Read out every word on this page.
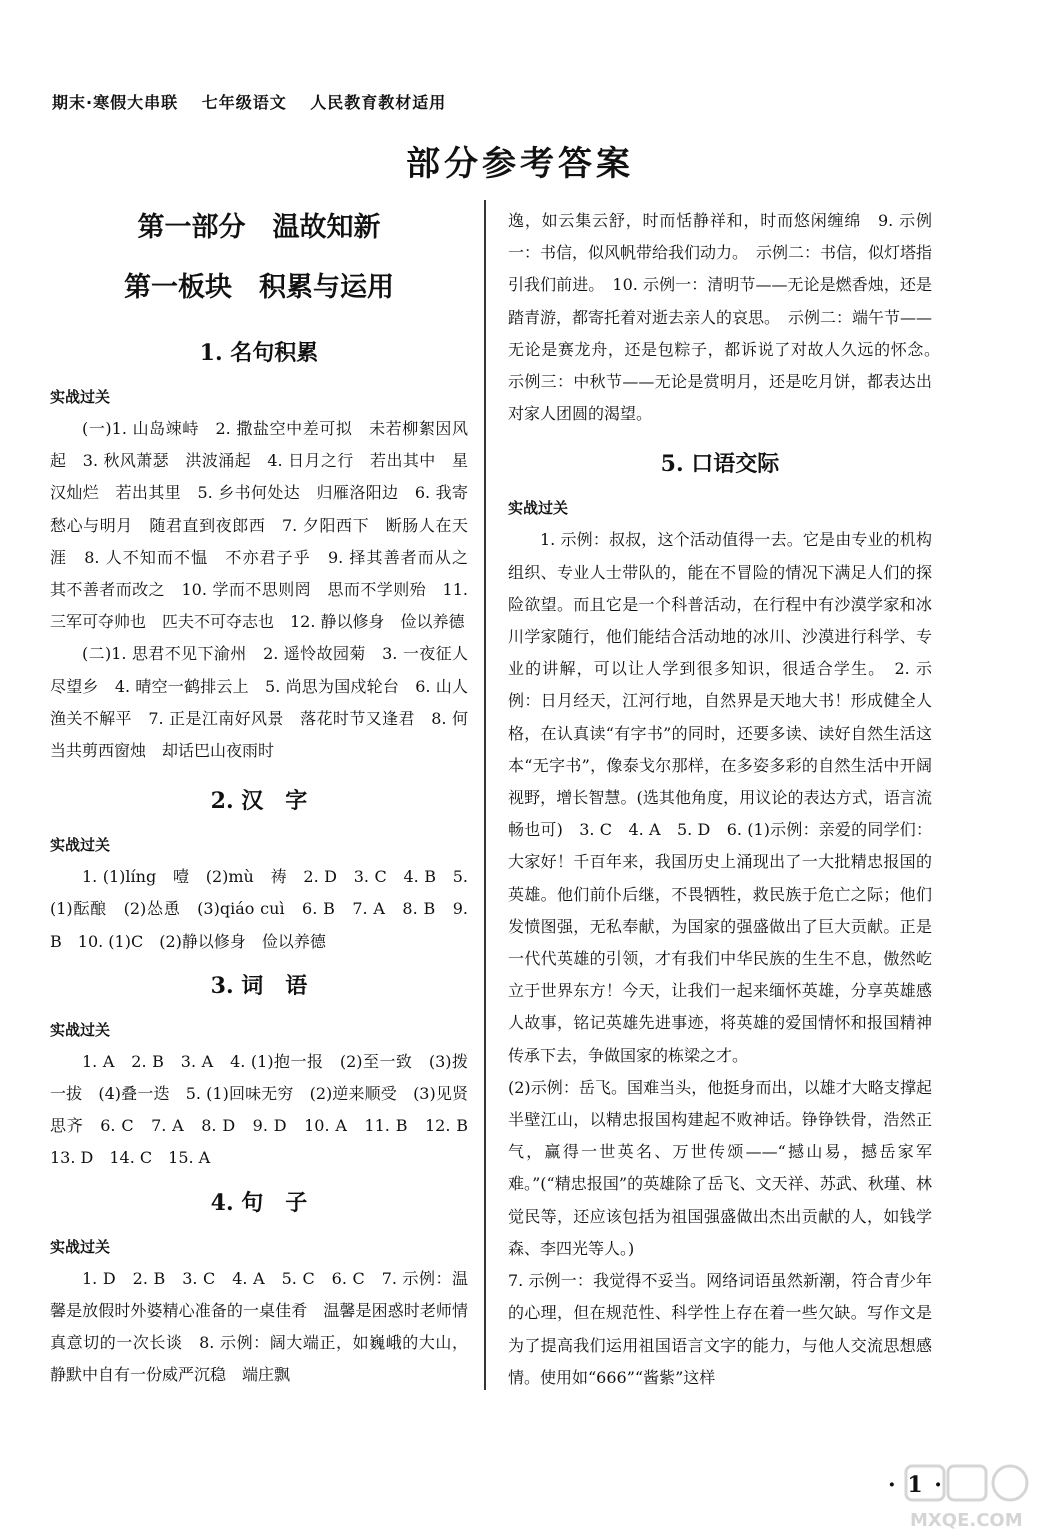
期末·寒假大串联　 七年级语文　 人民教育教材适用
部分参考答案
第一部分　温故知新
第一板块　积累与运用
1. 名句积累
实战过关

(一)1. 山岛竦峙　2. 撒盐空中差可拟　未若柳絮因风起　3. 秋风萧瑟　洪波涌起　4. 日月之行　若出其中　星汉灿烂　若出其里　5. 乡书何处达　归雁洛阳边　6. 我寄愁心与明月　随君直到夜郎西　7. 夕阳西下　断肠人在天涯　8. 人不知而不愠　不亦君子乎　9. 择其善者而从之　其不善者而改之　10. 学而不思则罔　思而不学则殆　11. 三军可夺帅也　匹夫不可夺志也　12. 静以修身　俭以养德

(二)1. 思君不见下渝州　2. 遥怜故园菊　3. 一夜征人尽望乡　4. 晴空一鹤排云上　5. 尚思为国戍轮台　6. 山人渔关不解平　7. 正是江南好风景　落花时节又逢君　8. 何当共剪西窗烛　却话巴山夜雨时

2. 汉　字
实战过关

1. (1)líng　噎　(2)mù　祷　2. D　3. C　4. B　5. (1)酝酿　(2)怂恿　(3)qiáo cuì　6. B　7. A　8. B　9. B　10. (1)C　(2)静以修身　俭以养德

3. 词　语
实战过关

1. A　2. B　3. A　4. (1)抱一报　(2)至一致　(3)拨一拔　(4)叠一迭　5. (1)回味无穷　(2)逆来顺受　(3)见贤思齐　6. C　7. A　8. D　9. D　10. A　11. B　12. B　13. D　14. C　15. A

4. 句　子
实战过关

1. D　2. B　3. C　4. A　5. C　6. C　7. 示例：温馨是放假时外婆精心准备的一桌佳肴　温馨是困惑时老师情真意切的一次长谈　8. 示例：阔大端正，如巍峨的大山，静默中自有一份威严沉稳　端庄飘

逸，如云集云舒，时而恬静祥和，时而悠闲缠绵　9. 示例一：书信，似风帆带给我们动力。　示例二：书信，似灯塔指引我们前进。　10. 示例一：清明节——无论是燃香烛，还是踏青游，都寄托着对逝去亲人的哀思。　示例二：端午节——无论是赛龙舟，还是包粽子，都诉说了对故人久远的怀念。　示例三：中秋节——无论是赏明月，还是吃月饼，都表达出对家人团圆的渴望。

5. 口语交际
实战过关

1. 示例：叔叔，这个活动值得一去。它是由专业的机构组织、专业人士带队的，能在不冒险的情况下满足人们的探险欲望。而且它是一个科普活动，在行程中有沙漠学家和冰川学家随行，他们能结合活动地的冰川、沙漠进行科学、专业的讲解，可以让人学到很多知识，很适合学生。　2. 示例：日月经天，江河行地，自然界是天地大书！形成健全人格，在认真读“有字书”的同时，还要多读、读好自然生活这本“无字书”，像泰戈尔那样，在多姿多彩的自然生活中开阔视野，增长智慧。(选其他角度，用议论的表达方式，语言流畅也可)　3. C　4. A　5. D　6. (1)示例：亲爱的同学们：大家好！千百年来，我国历史上涌现出了一大批精忠报国的英雄。他们前仆后继，不畏牺牲，救民族于危亡之际；他们发愤图强，无私奉献，为国家的强盛做出了巨大贡献。正是一代代英雄的引领，才有我们中华民族的生生不息，傲然屹立于世界东方！今天，让我们一起来缅怀英雄，分享英雄感人故事，铭记英雄先进事迹，将英雄的爱国情怀和报国精神传承下去，争做国家的栋梁之才。

(2)示例：岳飞。国难当头，他挺身而出，以雄才大略支撑起半壁江山，以精忠报国构建起不败神话。铮铮铁骨，浩然正气，赢得一世英名、万世传颂——“撼山易，撼岳家军难。”(“精忠报国”的英雄除了岳飞、文天祥、苏武、秋瑾、林觉民等，还应该包括为祖国强盛做出杰出贡献的人，如钱学森、李四光等人。)

7. 示例一：我觉得不妥当。网络词语虽然新潮，符合青少年的心理，但在规范性、科学性上存在着一些欠缺。写作文是为了提高我们运用祖国语言文字的能力，与他人交流思想感情。使用如“666”“酱紫”这样

· 1 ·
MXQE.COM
